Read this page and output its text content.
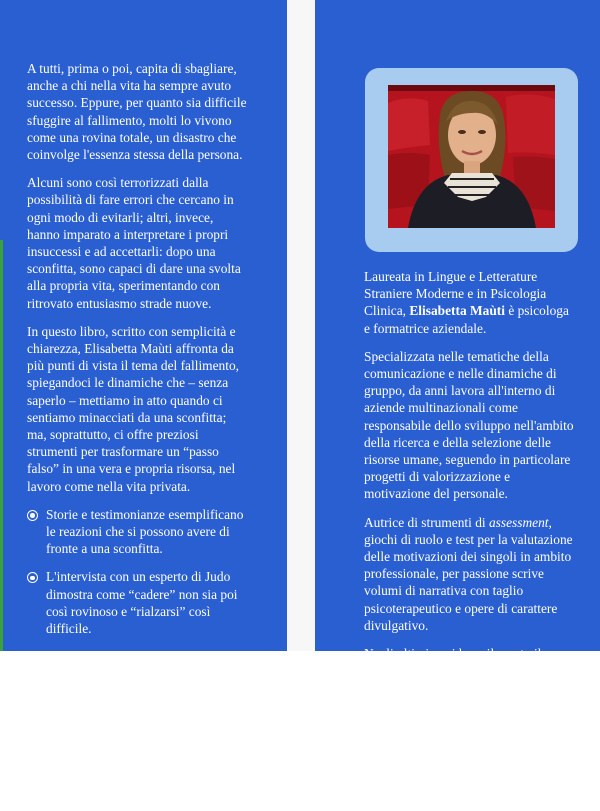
A tutti, prima o poi, capita di sbagliare, anche a chi nella vita ha sempre avuto successo. Eppure, per quanto sia difficile sfuggire al fallimento, molti lo vivono come una rovina totale, un disastro che coinvolge l'essenza stessa della persona.

Alcuni sono così terrorizzati dalla possibilità di fare errori che cercano in ogni modo di evitarli; altri, invece, hanno imparato a interpretare i propri insuccessi e ad accettarli: dopo una sconfitta, sono capaci di dare una svolta alla propria vita, sperimentando con ritrovato entusiasmo strade nuove.

In questo libro, scritto con semplicità e chiarezza, Elisabetta Maùti affronta da più punti di vista il tema del fallimento, spiegandoci le dinamiche che – senza saperlo – mettiamo in atto quando ci sentiamo minacciati da una sconfitta; ma, soprattutto, ci offre preziosi strumenti per trasformare un “passo falso” in una vera e propria risorsa, nel lavoro come nella vita privata.

Storie e testimonianze esemplificano le reazioni che si possono avere di fronte a una sconfitta.

L'intervista con un esperto di Judo dimostra come “cadere” non sia poi così rovinoso e “rialzarsi” così difficile.

Schede di autoanalisi permettono al lettore di sperimentare in prima persona quale sia il proprio approccio al fallimento.

Laureata in Lingue e Letterature Straniere Moderne e in Psicologia Clinica, Elisabetta Maùti è psicologa e formatrice aziendale.

Specializzata nelle tematiche della comunicazione e nelle dinamiche di gruppo, da anni lavora all'interno di aziende multinazionali come responsabile dello sviluppo nell'ambito della ricerca e della selezione delle risorse umane, seguendo in particolare progetti di valorizzazione e motivazione del personale.

Autrice di strumenti di assessment, giochi di ruolo e test per la valutazione delle motivazioni dei singoli in ambito professionale, per passione scrive volumi di narrativa con taglio psicoterapeutico e opere di carattere divulgativo.

Negli ultimi anni ha sviluppato il progetto Dillo con una fiaba, incentrato sull'uso delle favole per parlare ai bambini. Tra le sue raccolte di racconti, ricordiamo Una fiaba per ogni perché (Edizioni Erickson, 2007) e Storie per la pappa e per la nanna (Edizioni Erickson, 2011). Per Giunti Demetra ha realizzato Training Autogeno (2012).
